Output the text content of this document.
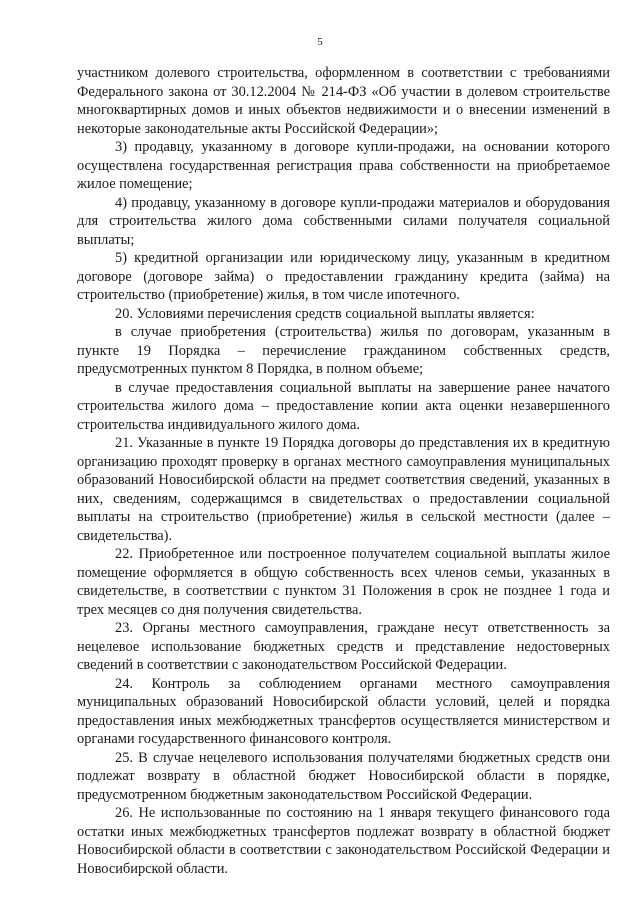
5

участником долевого строительства, оформленном в соответствии с требованиями Федерального закона от 30.12.2004 № 214-ФЗ «Об участии в долевом строительстве многоквартирных домов и иных объектов недвижимости и о внесении изменений в некоторые законодательные акты Российской Федерации»;

3) продавцу, указанному в договоре купли-продажи, на основании которого осуществлена государственная регистрация права собственности на приобретаемое жилое помещение;

4) продавцу, указанному в договоре купли-продажи материалов и оборудования для строительства жилого дома собственными силами получателя социальной выплаты;

5) кредитной организации или юридическому лицу, указанным в кредитном договоре (договоре займа) о предоставлении гражданину кредита (займа) на строительство (приобретение) жилья, в том числе ипотечного.

20. Условиями перечисления средств социальной выплаты является:

в случае приобретения (строительства) жилья по договорам, указанным в пункте 19 Порядка – перечисление гражданином собственных средств, предусмотренных пунктом 8 Порядка, в полном объеме;

в случае предоставления социальной выплаты на завершение ранее начатого строительства жилого дома – предоставление копии акта оценки незавершенного строительства индивидуального жилого дома.

21. Указанные в пункте 19 Порядка договоры до представления их в кредитную организацию проходят проверку в органах местного самоуправления муниципальных образований Новосибирской области на предмет соответствия сведений, указанных в них, сведениям, содержащимся в свидетельствах о предоставлении социальной выплаты на строительство (приобретение) жилья в сельской местности (далее – свидетельства).

22. Приобретенное или построенное получателем социальной выплаты жилое помещение оформляется в общую собственность всех членов семьи, указанных в свидетельстве, в соответствии с пунктом 31 Положения в срок не позднее 1 года и трех месяцев со дня получения свидетельства.

23. Органы местного самоуправления, граждане несут ответственность за нецелевое использование бюджетных средств и представление недостоверных сведений в соответствии с законодательством Российской Федерации.

24. Контроль за соблюдением органами местного самоуправления муниципальных образований Новосибирской области условий, целей и порядка предоставления иных межбюджетных трансфертов осуществляется министерством и органами государственного финансового контроля.

25. В случае нецелевого использования получателями бюджетных средств они подлежат возврату в областной бюджет Новосибирской области в порядке, предусмотренном бюджетным законодательством Российской Федерации.

26. Не использованные по состоянию на 1 января текущего финансового года остатки иных межбюджетных трансфертов подлежат возврату в областной бюджет Новосибирской области в соответствии с законодательством Российской Федерации и Новосибирской области.
